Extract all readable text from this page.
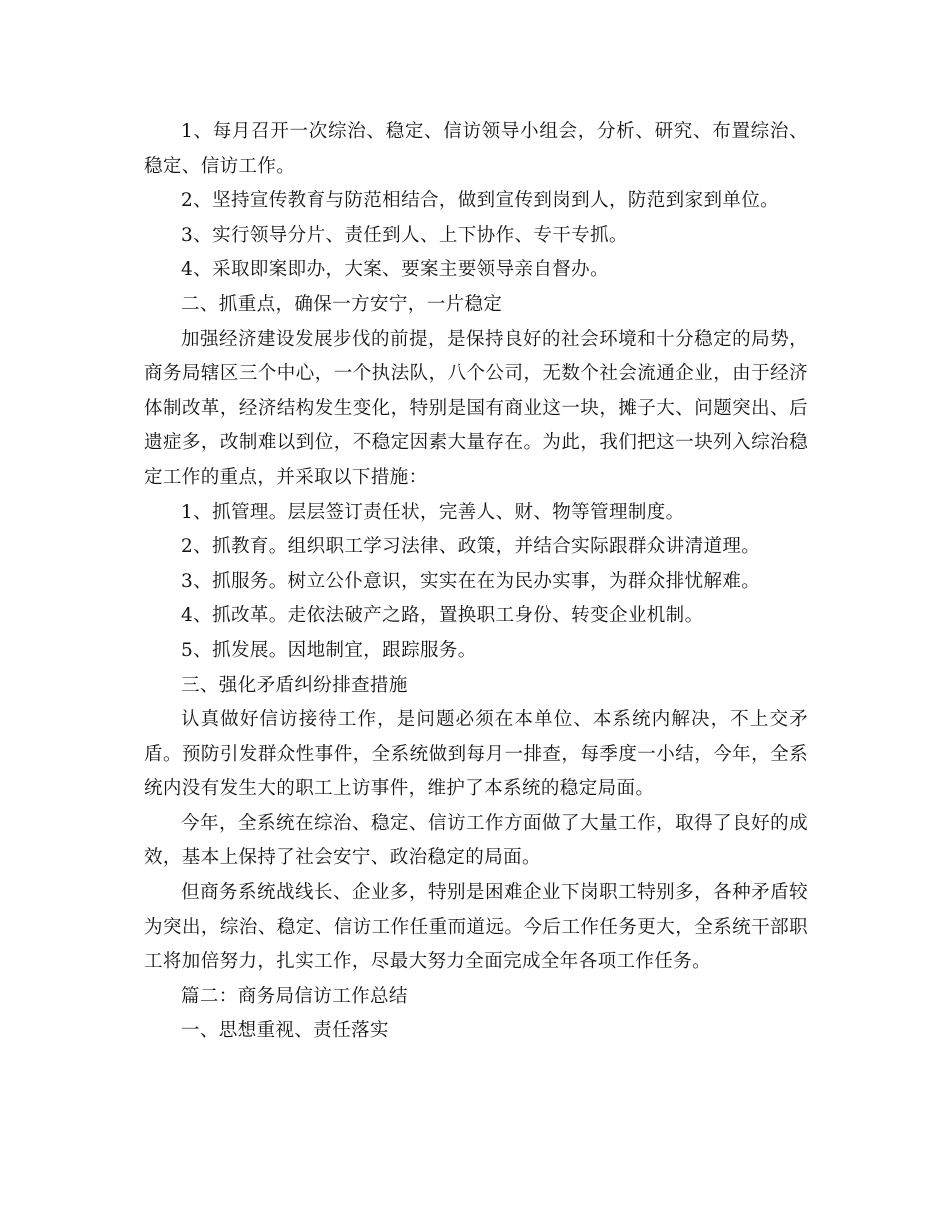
1、每月召开一次综治、稳定、信访领导小组会，分析、研究、布置综治、稳定、信访工作。

2、坚持宣传教育与防范相结合，做到宣传到岗到人，防范到家到单位。

3、实行领导分片、责任到人、上下协作、专干专抓。

4、采取即案即办，大案、要案主要领导亲自督办。

二、抓重点，确保一方安宁，一片稳定

加强经济建设发展步伐的前提，是保持良好的社会环境和十分稳定的局势，商务局辖区三个中心，一个执法队，八个公司，无数个社会流通企业，由于经济体制改革，经济结构发生变化，特别是国有商业这一块，摊子大、问题突出、后遗症多，改制难以到位，不稳定因素大量存在。为此，我们把这一块列入综治稳定工作的重点，并采取以下措施：

1、抓管理。层层签订责任状，完善人、财、物等管理制度。

2、抓教育。组织职工学习法律、政策，并结合实际跟群众讲清道理。

3、抓服务。树立公仆意识，实实在在为民办实事，为群众排忧解难。

4、抓改革。走依法破产之路，置换职工身份、转变企业机制。

5、抓发展。因地制宜，跟踪服务。

三、强化矛盾纠纷排查措施

认真做好信访接待工作，是问题必须在本单位、本系统内解决，不上交矛盾。预防引发群众性事件，全系统做到每月一排查，每季度一小结，今年，全系统内没有发生大的职工上访事件，维护了本系统的稳定局面。

今年，全系统在综治、稳定、信访工作方面做了大量工作，取得了良好的成效，基本上保持了社会安宁、政治稳定的局面。

但商务系统战线长、企业多，特别是困难企业下岗职工特别多，各种矛盾较为突出，综治、稳定、信访工作任重而道远。今后工作任务更大，全系统干部职工将加倍努力，扎实工作，尽最大努力全面完成全年各项工作任务。

篇二：商务局信访工作总结

一、思想重视、责任落实
